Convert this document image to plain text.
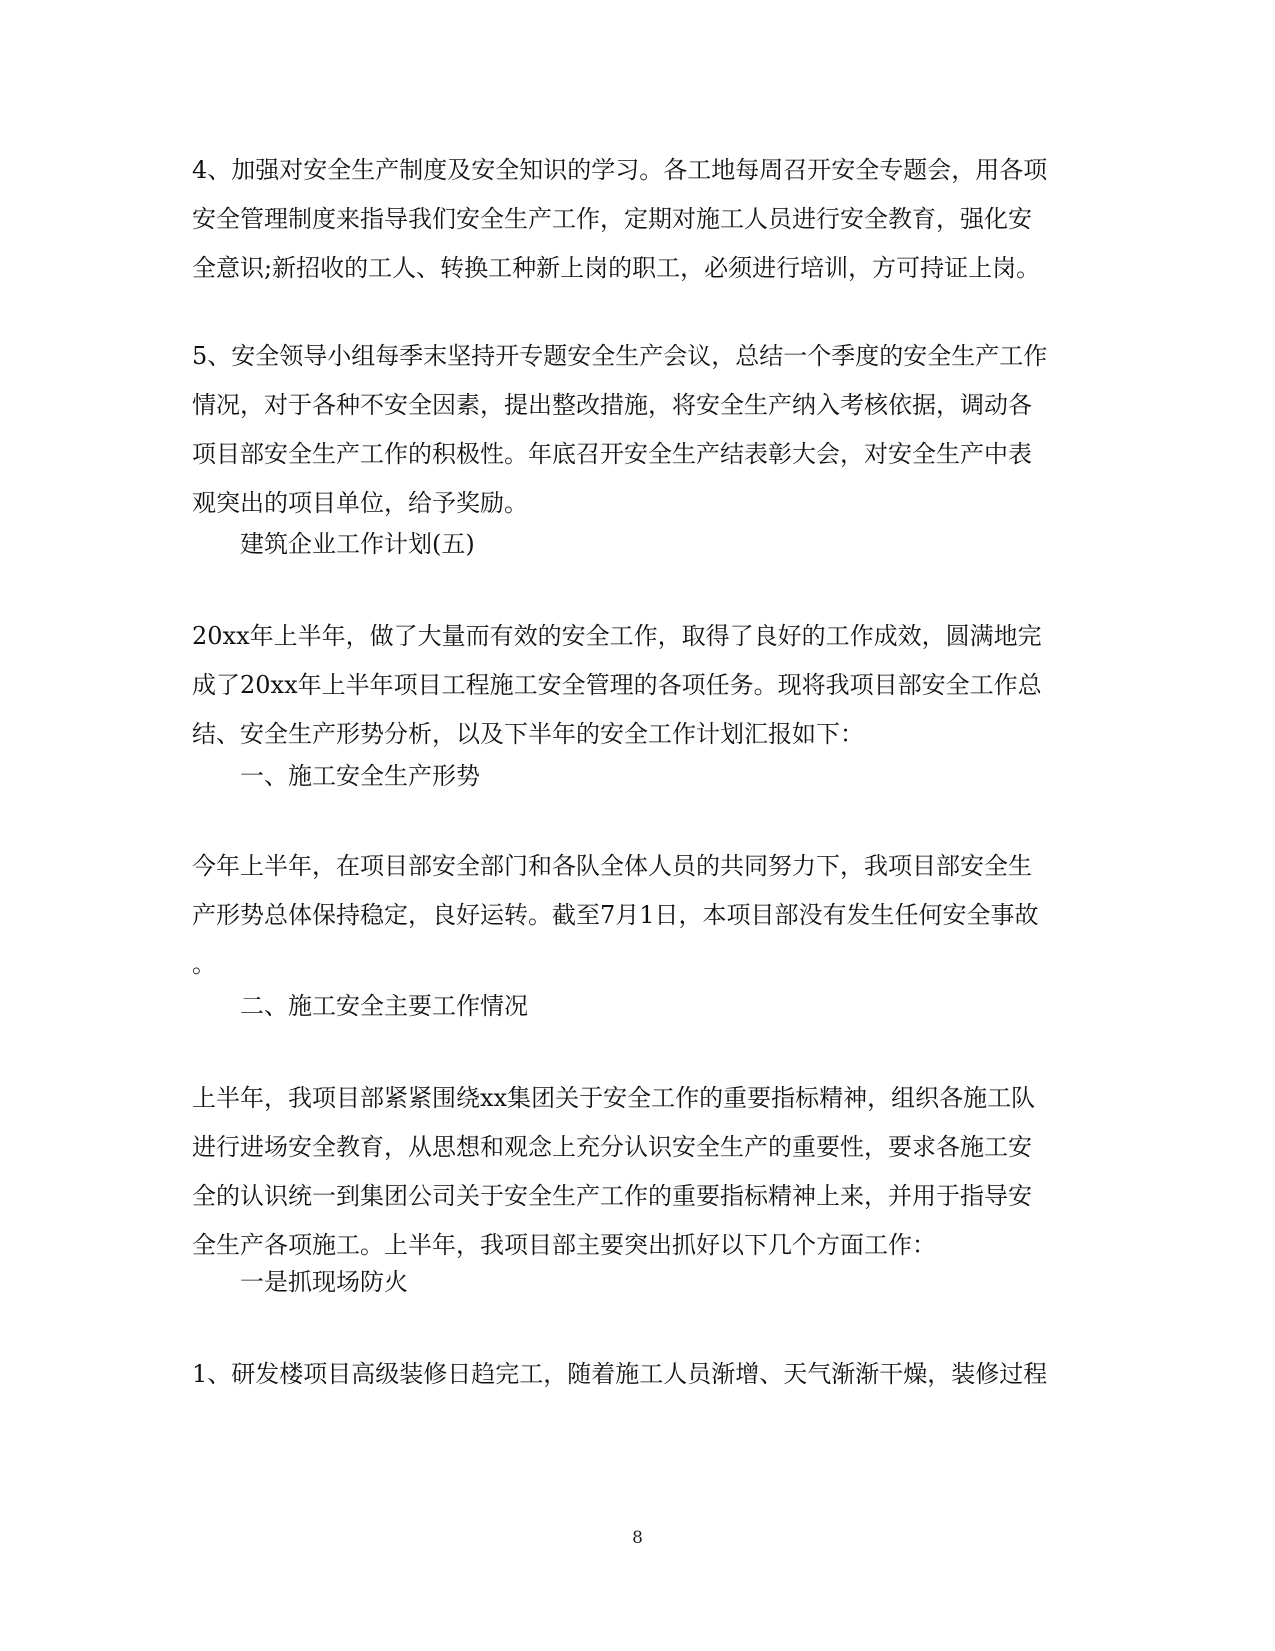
4、加强对安全生产制度及安全知识的学习。各工地每周召开安全专题会，用各项
安全管理制度来指导我们安全生产工作，定期对施工人员进行安全教育，强化安
全意识;新招收的工人、转换工种新上岗的职工，必须进行培训，方可持证上岗。
5、安全领导小组每季末坚持开专题安全生产会议，总结一个季度的安全生产工作
情况，对于各种不安全因素，提出整改措施，将安全生产纳入考核依据，调动各
项目部安全生产工作的积极性。年底召开安全生产结表彰大会，对安全生产中表
观突出的项目单位，给予奖励。
建筑企业工作计划(五)
20xx年上半年，做了大量而有效的安全工作，取得了良好的工作成效，圆满地完
成了20xx年上半年项目工程施工安全管理的各项任务。现将我项目部安全工作总
结、安全生产形势分析，以及下半年的安全工作计划汇报如下：
一、施工安全生产形势
今年上半年，在项目部安全部门和各队全体人员的共同努力下，我项目部安全生
产形势总体保持稳定，良好运转。截至7月1日，本项目部没有发生任何安全事故
。
二、施工安全主要工作情况
上半年，我项目部紧紧围绕xx集团关于安全工作的重要指标精神，组织各施工队
进行进场安全教育，从思想和观念上充分认识安全生产的重要性，要求各施工安
全的认识统一到集团公司关于安全生产工作的重要指标精神上来，并用于指导安
全生产各项施工。上半年，我项目部主要突出抓好以下几个方面工作：
一是抓现场防火
1、研发楼项目高级装修日趋完工，随着施工人员渐增、天气渐渐干燥，装修过程
8
